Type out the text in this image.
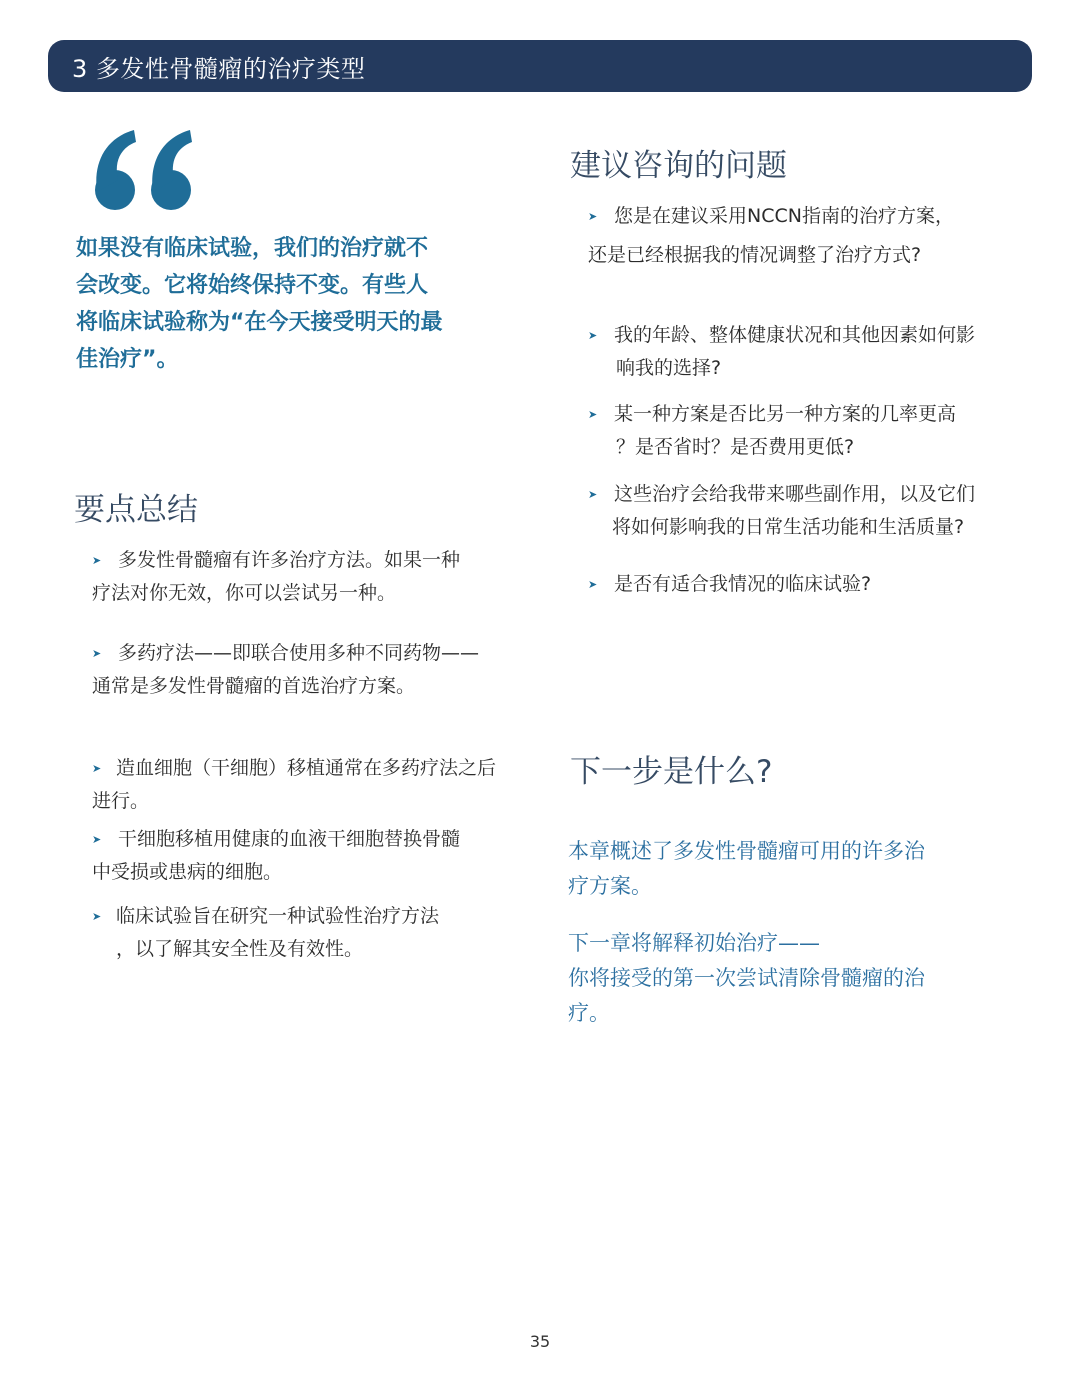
3 多发性骨髓瘤的治疗类型
如果没有临床试验，我们的治疗就不
会改变。它将始终保持不变。有些人
将临床试验称为“在今天接受明天的最
佳治疗”。
要点总结
➤ 多发性骨髓瘤有许多治疗方法。如果一种
疗法对你无效，你可以尝试另一种。
➤ 多药疗法——即联合使用多种不同药物——
通常是多发性骨髓瘤的首选治疗方案。
➤ 造血细胞（干细胞）移植通常在多药疗法之后
进行。
➤ 干细胞移植用健康的血液干细胞替换骨髓
中受损或患病的细胞。
➤ 临床试验旨在研究一种试验性治疗方法
，以了解其安全性及有效性。
建议咨询的问题
➤ 您是在建议采用NCCN指南的治疗方案，
还是已经根据我的情况调整了治疗方式?
➤ 我的年龄、整体健康状况和其他因素如何影
响我的选择?
➤ 某一种方案是否比另一种方案的几率更高
？是否省时？是否费用更低?
➤ 这些治疗会给我带来哪些副作用，以及它们
将如何影响我的日常生活功能和生活质量?
➤ 是否有适合我情况的临床试验?
下一步是什么?
本章概述了多发性骨髓瘤可用的许多治
疗方案。
下一章将解释初始治疗——
你将接受的第一次尝试清除骨髓瘤的治
疗。
35
